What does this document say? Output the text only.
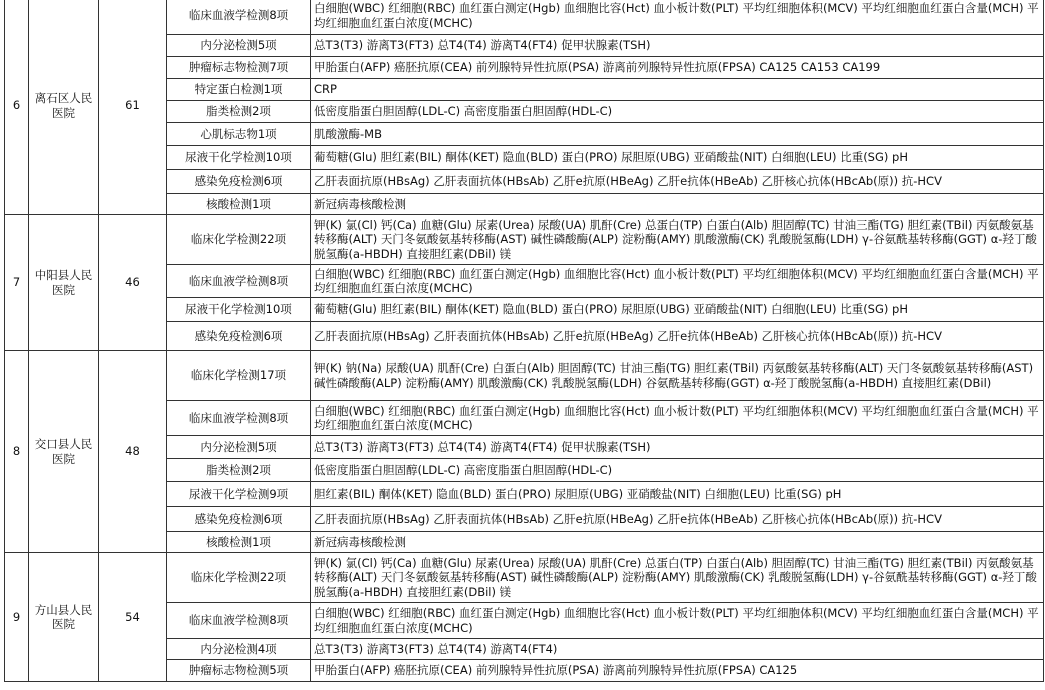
6	离石区人民医院	61	临床血液学检测8项	白细胞(WBC) 红细胞(RBC) 血红蛋白测定(Hgb) 血细胞比容(Hct) 血小板计数(PLT) 平均红细胞体积(MCV) 平均红细胞血红蛋白含量(MCH) 平均红细胞血红蛋白浓度(MCHC)
			内分泌检测5项	总T3(T3) 游离T3(FT3) 总T4(T4) 游离T4(FT4) 促甲状腺素(TSH)
			肿瘤标志物检测7项	甲胎蛋白(AFP) 癌胚抗原(CEA) 前列腺特异性抗原(PSA) 游离前列腺特异性抗原(FPSA) CA125 CA153 CA199
			特定蛋白检测1项	CRP
			脂类检测2项	低密度脂蛋白胆固醇(LDL-C) 高密度脂蛋白胆固醇(HDL-C)
			心肌标志物1项	肌酸激酶-MB
			尿液干化学检测10项	葡萄糖(Glu) 胆红素(BIL) 酮体(KET) 隐血(BLD) 蛋白(PRO) 尿胆原(UBG) 亚硝酸盐(NIT) 白细胞(LEU) 比重(SG) pH
			感染免疫检测6项	乙肝表面抗原(HBsAg) 乙肝表面抗体(HBsAb) 乙肝e抗原(HBeAg) 乙肝e抗体(HBeAb) 乙肝核心抗体(HBcAb(原)) 抗-HCV
			核酸检测1项	新冠病毒核酸检测
7	中阳县人民医院	46	临床化学检测22项	钾(K) 氯(Cl) 钙(Ca) 血糖(Glu) 尿素(Urea) 尿酸(UA) 肌酐(Cre) 总蛋白(TP) 白蛋白(Alb) 胆固醇(TC) 甘油三酯(TG) 胆红素(TBil) 丙氨酸氨基转移酶(ALT) 天门冬氨酸氨基转移酶(AST) 碱性磷酸酶(ALP) 淀粉酶(AMY) 肌酸激酶(CK) 乳酸脱氢酶(LDH) γ-谷氨酰基转移酶(GGT) α-羟丁酸脱氢酶(a-HBDH) 直接胆红素(DBil) 镁
			临床血液学检测8项	白细胞(WBC) 红细胞(RBC) 血红蛋白测定(Hgb) 血细胞比容(Hct) 血小板计数(PLT) 平均红细胞体积(MCV) 平均红细胞血红蛋白含量(MCH) 平均红细胞血红蛋白浓度(MCHC)
			尿液干化学检测10项	葡萄糖(Glu) 胆红素(BIL) 酮体(KET) 隐血(BLD) 蛋白(PRO) 尿胆原(UBG) 亚硝酸盐(NIT) 白细胞(LEU) 比重(SG) pH
			感染免疫检测6项	乙肝表面抗原(HBsAg) 乙肝表面抗体(HBsAb) 乙肝e抗原(HBeAg) 乙肝e抗体(HBeAb) 乙肝核心抗体(HBcAb(原)) 抗-HCV
8	交口县人民医院	48	临床化学检测17项	钾(K) 钠(Na) 尿酸(UA) 肌酐(Cre) 白蛋白(Alb) 胆固醇(TC) 甘油三酯(TG) 胆红素(TBil) 丙氨酸氨基转移酶(ALT) 天门冬氨酸氨基转移酶(AST) 碱性磷酸酶(ALP) 淀粉酶(AMY) 肌酸激酶(CK) 乳酸脱氢酶(LDH) 谷氨酰基转移酶(GGT) α-羟丁酸脱氢酶(a-HBDH) 直接胆红素(DBil)
			临床血液学检测8项	白细胞(WBC) 红细胞(RBC) 血红蛋白测定(Hgb) 血细胞比容(Hct) 血小板计数(PLT) 平均红细胞体积(MCV) 平均红细胞血红蛋白含量(MCH) 平均红细胞血红蛋白浓度(MCHC)
			内分泌检测5项	总T3(T3) 游离T3(FT3) 总T4(T4) 游离T4(FT4) 促甲状腺素(TSH)
			脂类检测2项	低密度脂蛋白胆固醇(LDL-C) 高密度脂蛋白胆固醇(HDL-C)
			尿液干化学检测9项	胆红素(BIL) 酮体(KET) 隐血(BLD) 蛋白(PRO) 尿胆原(UBG) 亚硝酸盐(NIT) 白细胞(LEU) 比重(SG) pH
			感染免疫检测6项	乙肝表面抗原(HBsAg) 乙肝表面抗体(HBsAb) 乙肝e抗原(HBeAg) 乙肝e抗体(HBeAb) 乙肝核心抗体(HBcAb(原)) 抗-HCV
			核酸检测1项	新冠病毒核酸检测
9	方山县人民医院	54	临床化学检测22项	钾(K) 氯(Cl) 钙(Ca) 血糖(Glu) 尿素(Urea) 尿酸(UA) 肌酐(Cre) 总蛋白(TP) 白蛋白(Alb) 胆固醇(TC) 甘油三酯(TG) 胆红素(TBil) 丙氨酸氨基转移酶(ALT) 天门冬氨酸氨基转移酶(AST) 碱性磷酸酶(ALP) 淀粉酶(AMY) 肌酸激酶(CK) 乳酸脱氢酶(LDH) γ-谷氨酰基转移酶(GGT) α-羟丁酸脱氢酶(a-HBDH) 直接胆红素(DBil) 镁
			临床血液学检测8项	白细胞(WBC) 红细胞(RBC) 血红蛋白测定(Hgb) 血细胞比容(Hct) 血小板计数(PLT) 平均红细胞体积(MCV) 平均红细胞血红蛋白含量(MCH) 平均红细胞血红蛋白浓度(MCHC)
			内分泌检测4项	总T3(T3) 游离T3(FT3) 总T4(T4) 游离T4(FT4)
			肿瘤标志物检测5项	甲胎蛋白(AFP) 癌胚抗原(CEA) 前列腺特异性抗原(PSA) 游离前列腺特异性抗原(FPSA) CA125
